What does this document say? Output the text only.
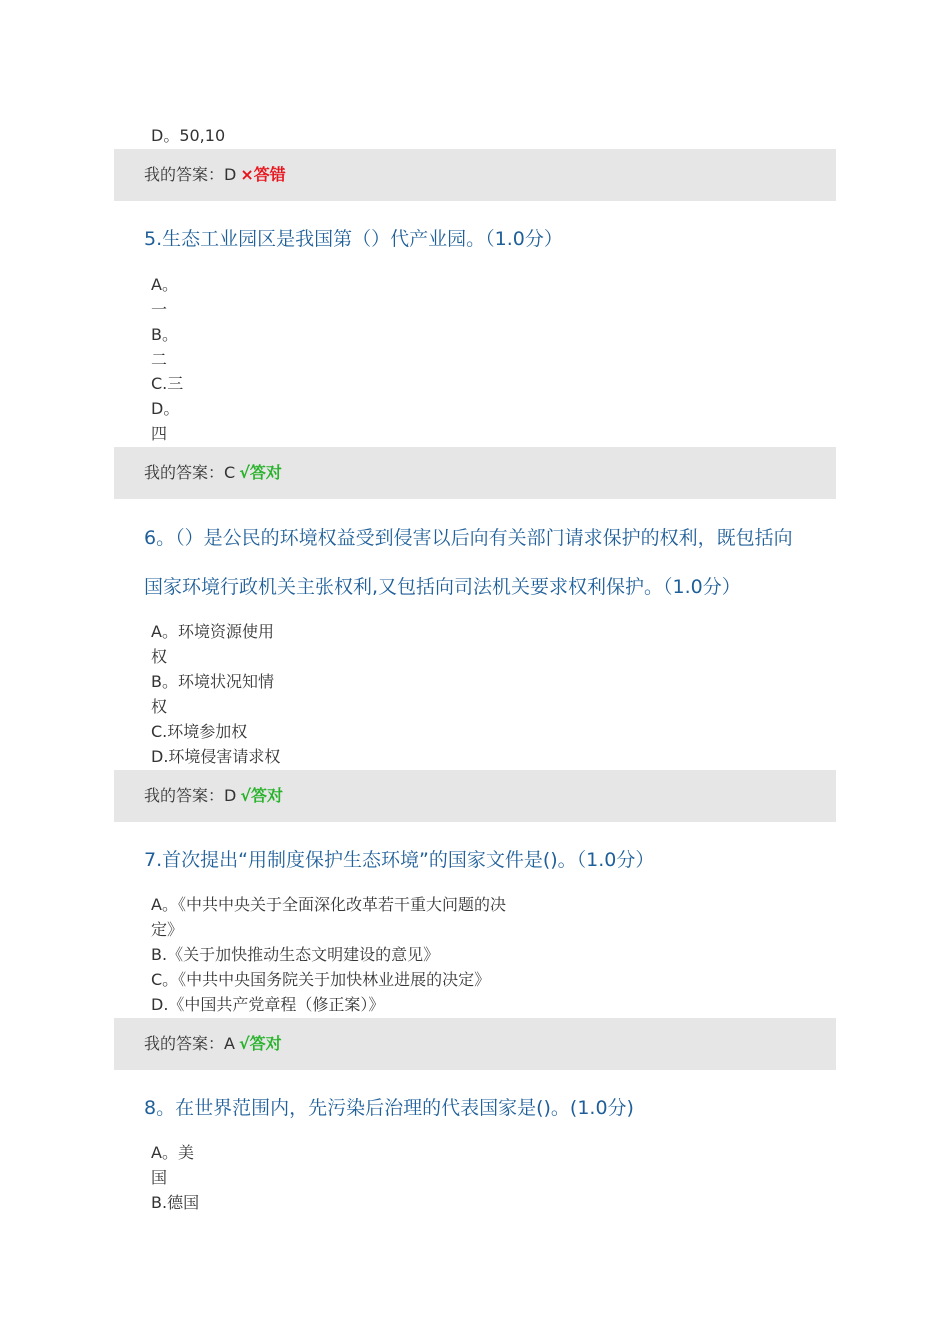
D。50,10
我的答案：D ×答错
5.生态工业园区是我国第（）代产业园。（1.0分）
A。
一
B。
二
C.三
D。
四
我的答案：C √答对
6。（）是公民的环境权益受到侵害以后向有关部门请求保护的权利，既包括向
国家环境行政机关主张权利,又包括向司法机关要求权利保护。（1.0分）
A。环境资源使用
权
B。环境状况知情
权
C.环境参加权
D.环境侵害请求权
我的答案：D √答对
7.首次提出“用制度保护生态环境”的国家文件是()。（1.0分）
A。《中共中央关于全面深化改革若干重大问题的决
定》
B.《关于加快推动生态文明建设的意见》
C。《中共中央国务院关于加快林业进展的决定》
D.《中国共产党章程（修正案）》
我的答案：A √答对
8。在世界范围内，先污染后治理的代表国家是()。(1.0分)
A。美
国
B.德国
